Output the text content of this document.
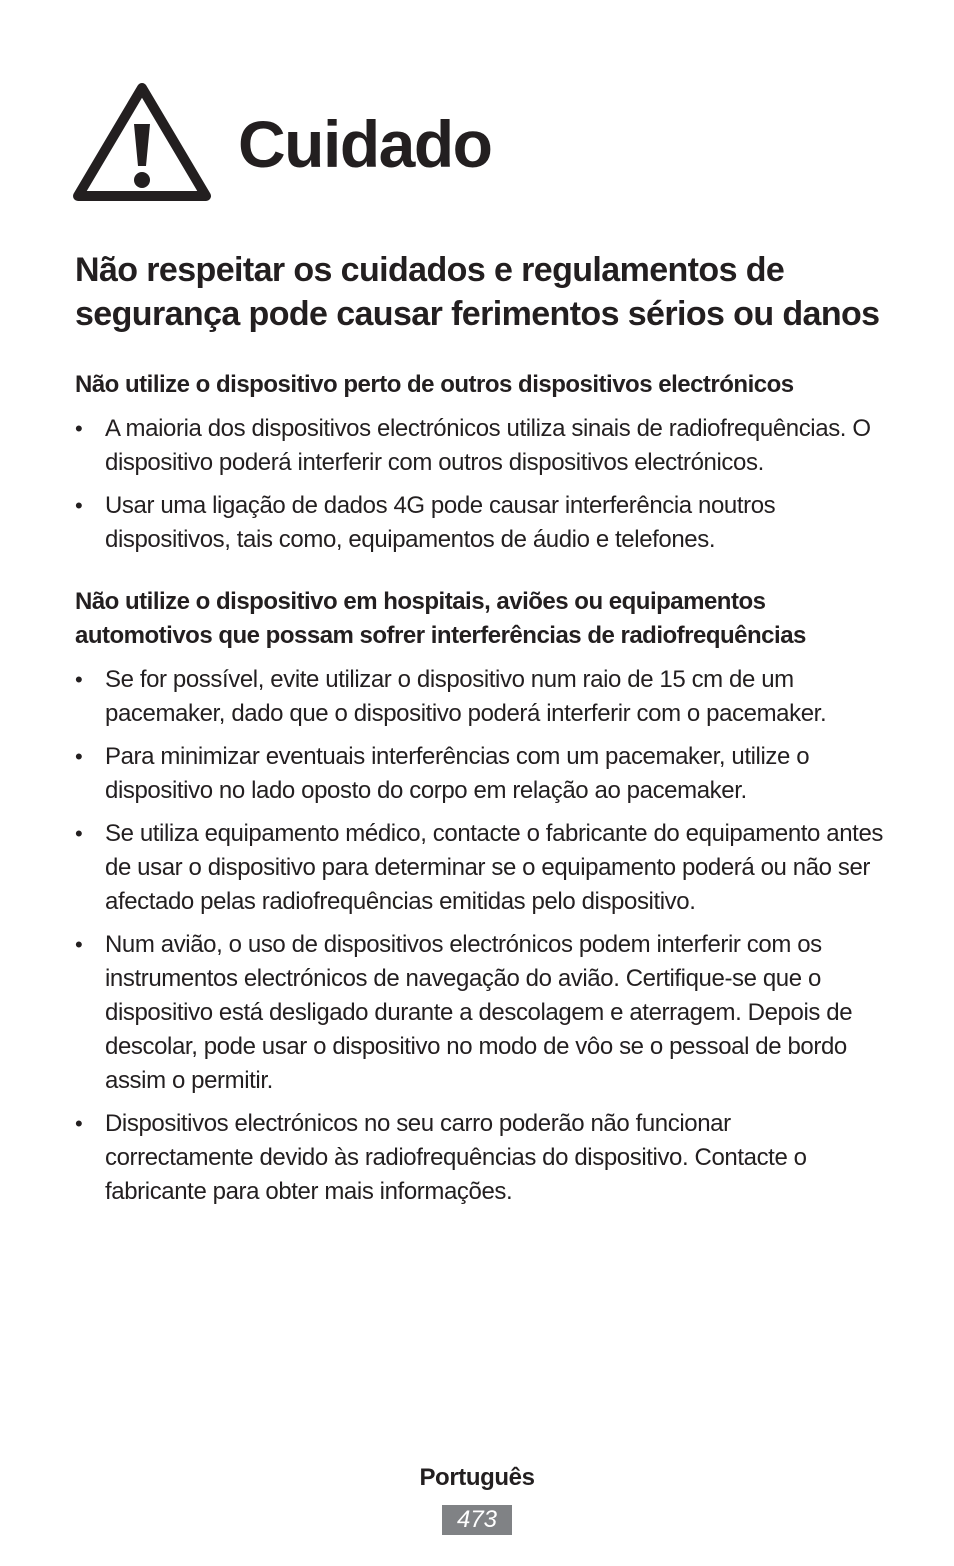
Cuidado
Não respeitar os cuidados e regulamentos de segurança pode causar ferimentos sérios ou danos
Não utilize o dispositivo perto de outros dispositivos electrónicos
• A maioria dos dispositivos electrónicos utiliza sinais de radiofrequências. O dispositivo poderá interferir com outros dispositivos electrónicos.
• Usar uma ligação de dados 4G pode causar interferência noutros dispositivos, tais como, equipamentos de áudio e telefones.
Não utilize o dispositivo em hospitais, aviões ou equipamentos automotivos que possam sofrer interferências de radiofrequências
• Se for possível, evite utilizar o dispositivo num raio de 15 cm de um pacemaker, dado que o dispositivo poderá interferir com o pacemaker.
• Para minimizar eventuais interferências com um pacemaker, utilize o dispositivo no lado oposto do corpo em relação ao pacemaker.
• Se utiliza equipamento médico, contacte o fabricante do equipamento antes de usar o dispositivo para determinar se o equipamento poderá ou não ser afectado pelas radiofrequências emitidas pelo dispositivo.
• Num avião, o uso de dispositivos electrónicos podem interferir com os instrumentos electrónicos de navegação do avião. Certifique-se que o dispositivo está desligado durante a descolagem e aterragem. Depois de descolar, pode usar o dispositivo no modo de vôo se o pessoal de bordo assim o permitir.
• Dispositivos electrónicos no seu carro poderão não funcionar correctamente devido às radiofrequências do dispositivo. Contacte o fabricante para obter mais informações.
Português
473
